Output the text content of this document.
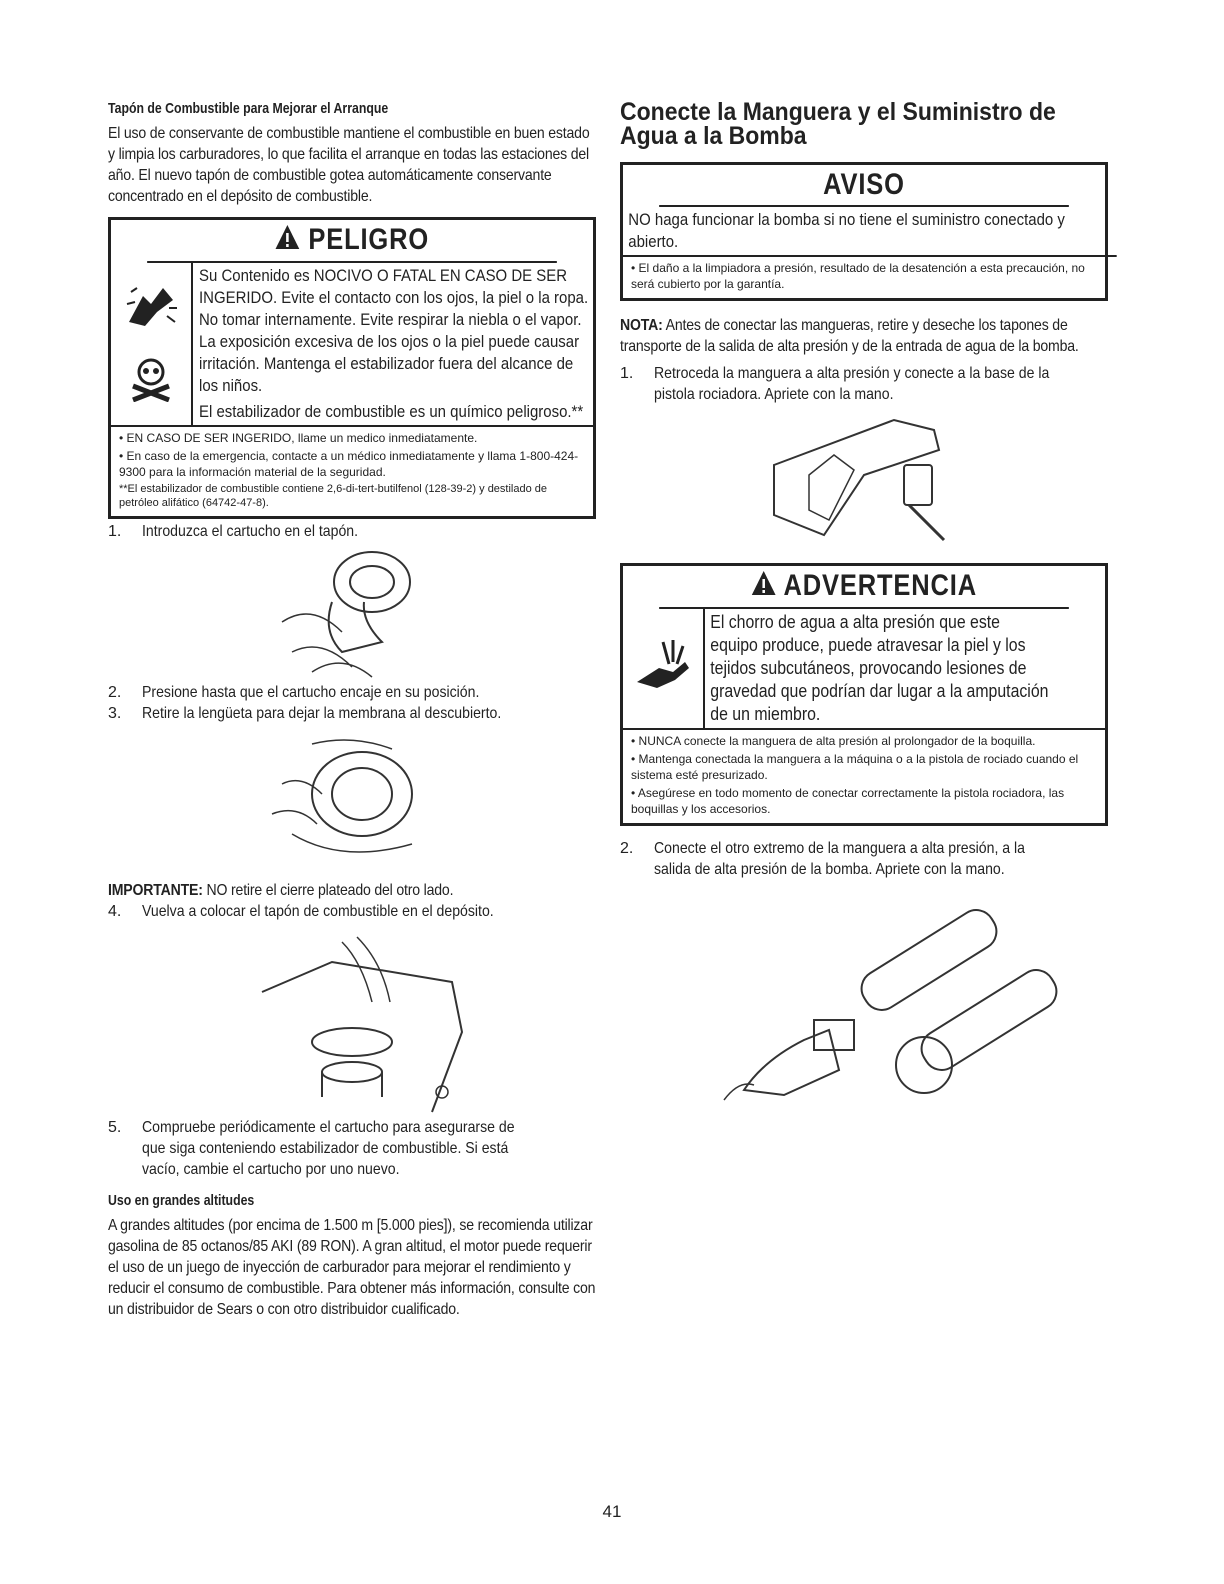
Tapón de Combustible para Mejorar el Arranque

El uso de conservante de combustible mantiene el combustible en buen estado y limpia los carburadores, lo que facilita el arranque en todas las estaciones del año. El nuevo tapón de combustible gotea automáticamente conservante concentrado en el depósito de combustible.

PELIGRO
Su Contenido es NOCIVO O FATAL EN CASO DE SER INGERIDO. Evite el contacto con los ojos, la piel o la ropa. No tomar internamente. Evite respirar la niebla o el vapor. La exposición excesiva de los ojos o la piel puede causar irritación. Mantenga el estabilizador fuera del alcance de los niños.
El estabilizador de combustible es un químico peligroso.**
• EN CASO DE SER INGERIDO, llame un medico inmediatamente.
• En caso de la emergencia, contacte a un médico inmediatamente y llama 1-800-424-9300 para la información material de la seguridad.
**El estabilizador de combustible contiene 2,6-di-tert-butilfenol (128-39-2) y destilado de petróleo alifático (64742-47-8).
1.	Introduzca el cartucho en el tapón.
2.	Presione hasta que el cartucho encaje en su posición.
3.	Retire la lengüeta para dejar la membrana al descubierto.
IMPORTANTE: NO retire el cierre plateado del otro lado.
4.	Vuelva a colocar el tapón de combustible en el depósito.
5.	Compruebe periódicamente el cartucho para asegurarse de que siga conteniendo estabilizador de combustible. Si está vacío, cambie el cartucho por uno nuevo.
Uso en grandes altitudes

A grandes altitudes (por encima de 1.500 m [5.000 pies]), se recomienda utilizar gasolina de 85 octanos/85 AKI (89 RON). A gran altitud, el motor puede requerir el uso de un juego de inyección de carburador para mejorar el rendimiento y reducir el consumo de combustible. Para obtener más información, consulte con un distribuidor de Sears o con otro distribuidor cualificado.

Conecte la Manguera y el Suministro de Agua a la Bomba
AVISO
NO haga funcionar la bomba si no tiene el suministro conectado y abierto.
• El daño a la limpiadora a presión, resultado de la desatención a esta precaución, no será cubierto por la garantía.

NOTA: Antes de conectar las mangueras, retire y deseche los tapones de transporte de la salida de alta presión y de la entrada de agua de la bomba.

1.	Retroceda la manguera a alta presión y conecte a la base de la pistola rociadora. Apriete con la mano.
ADVERTENCIA
El chorro de agua a alta presión que este equipo produce, puede atravesar la piel y los tejidos subcutáneos, provocando lesiones de gravedad que podrían dar lugar a la amputación de un miembro.
• NUNCA conecte la manguera de alta presión al prolongador de la boquilla.
• Mantenga conectada la manguera a la máquina o a la pistola de rociado cuando el sistema esté presurizado.
• Asegúrese en todo momento de conectar correctamente la pistola rociadora, las boquillas y los accesorios.
2.	Conecte el otro extremo de la manguera a alta presión, a la salida de alta presión de la bomba. Apriete con la mano.
41
